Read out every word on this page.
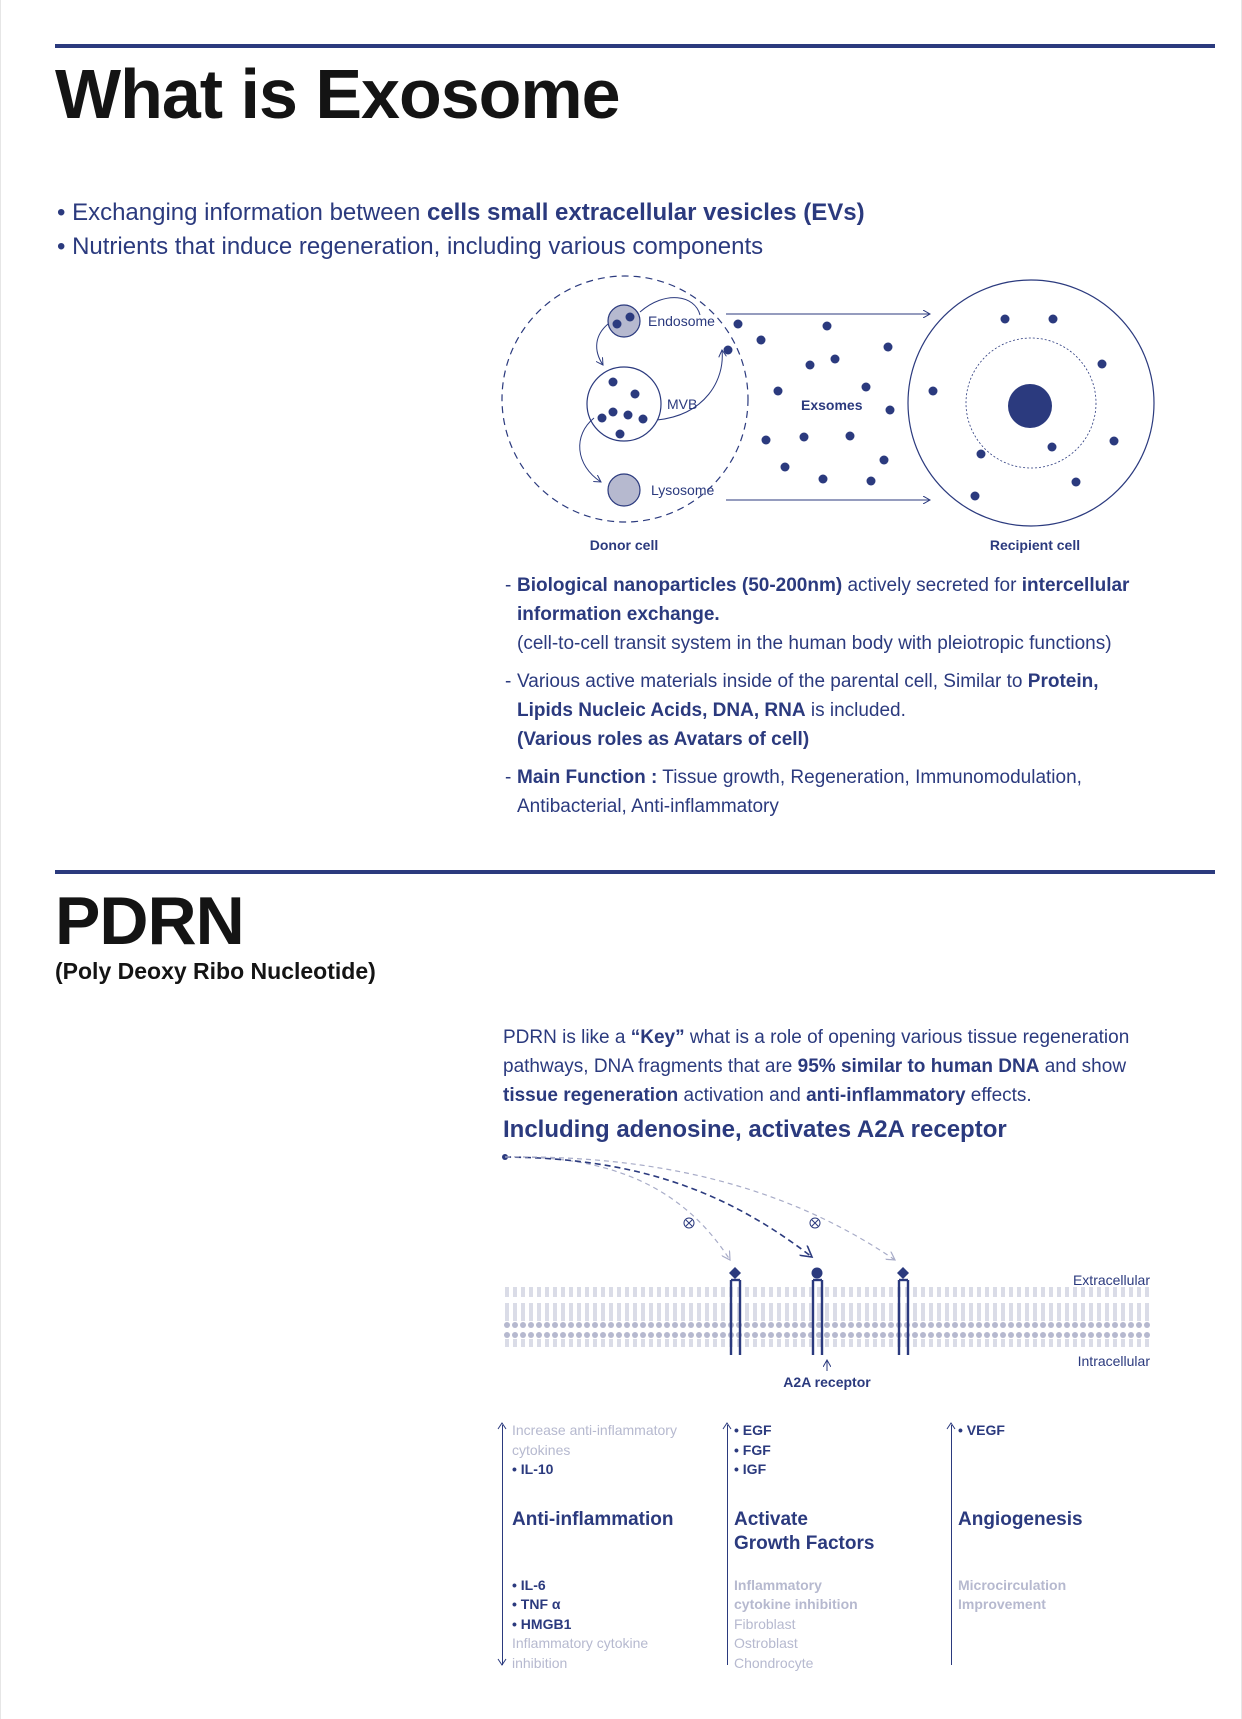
What is Exosome
• Exchanging information between cells small extracellular vesicles (EVs)
• Nutrients that induce regeneration, including various components
Endosome
MVB
Lysosome
Exsomes
Donor cell	Recipient cell
- Biological nanoparticles (50-200nm) actively secreted for intercellular information exchange.
(cell-to-cell transit system in the human body with pleiotropic functions)
- Various active materials inside of the parental cell, Similar to Protein, Lipids Nucleic Acids, DNA, RNA is included.
(Various roles as Avatars of cell)
- Main Function : Tissue growth, Regeneration, Immunomodulation, Antibacterial, Anti-inflammatory
PDRN
(Poly Deoxy Ribo Nucleotide)
PDRN is like a “Key” what is a role of opening various tissue regeneration pathways, DNA fragments that are 95% similar to human DNA and show tissue regeneration activation and anti-inflammatory effects.
Including adenosine, activates A2A receptor
Extracellular
Intracellular
A2A receptor
Increase anti-inflammatory
cytokines
• IL-10
Anti-inflammation
• IL-6
• TNF α
• HMGB1
Inflammatory cytokine
inhibition
• EGF
• FGF
• IGF
Activate
Growth Factors
Inflammatory
cytokine inhibition
Fibroblast
Ostroblast
Chondrocyte
• VEGF
Angiogenesis
Microcirculation
Improvement
